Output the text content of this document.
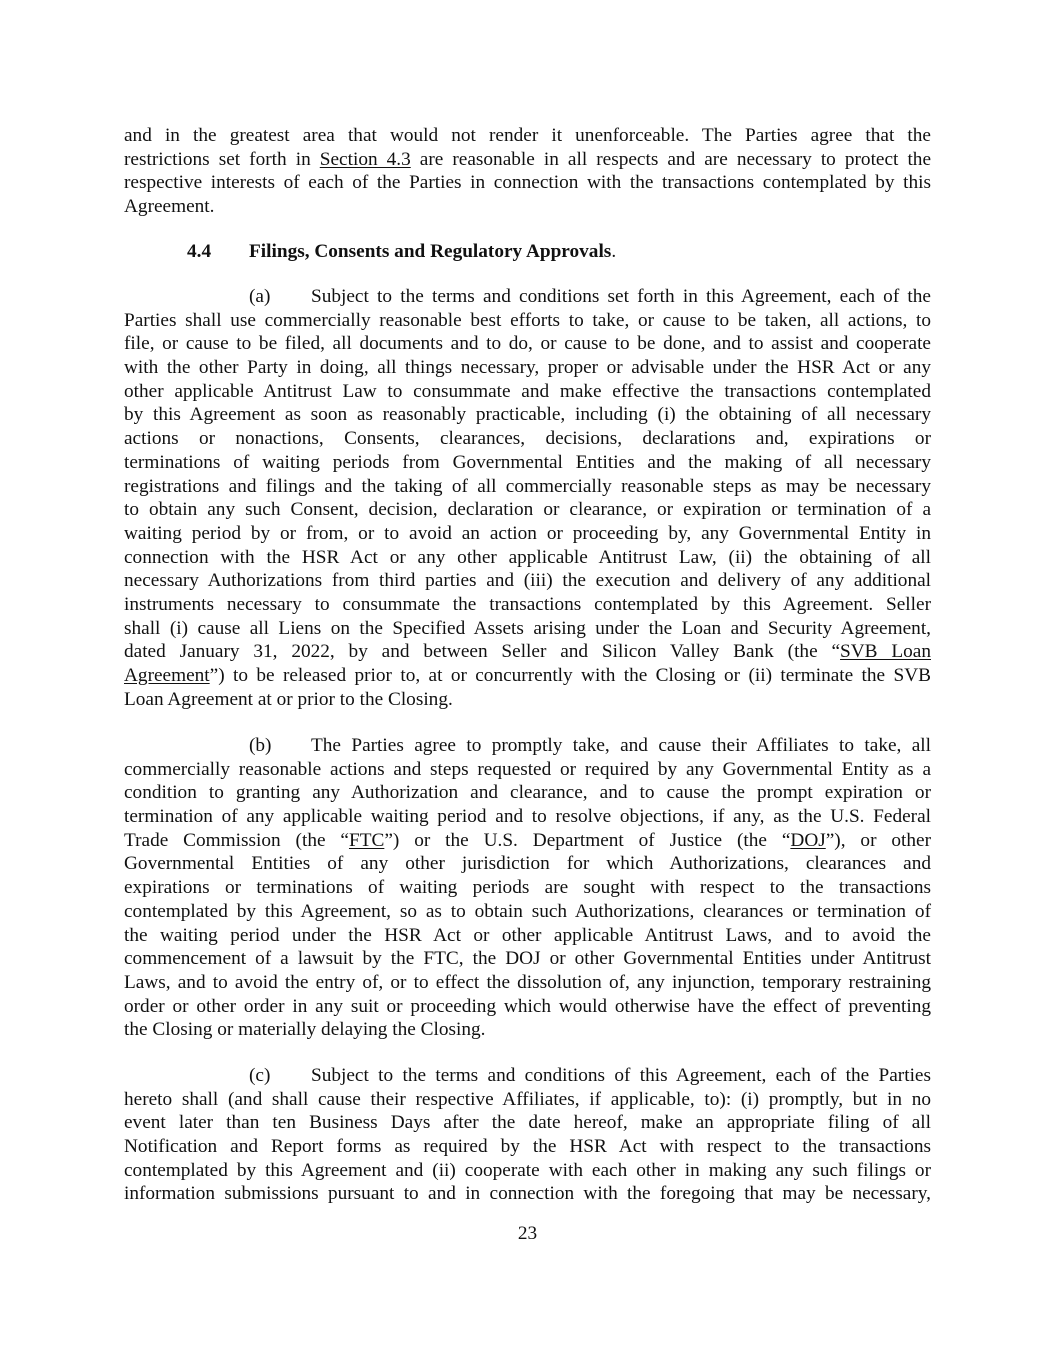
and in the greatest area that would not render it unenforceable. The Parties agree that the
restrictions set forth in Section 4.3 are reasonable in all respects and are necessary to protect the
respective interests of each of the Parties in connection with the transactions contemplated by this
Agreement.
4.4 Filings, Consents and Regulatory Approvals.
(a) Subject to the terms and conditions set forth in this Agreement, each of the
Parties shall use commercially reasonable best efforts to take, or cause to be taken, all actions, to
file, or cause to be filed, all documents and to do, or cause to be done, and to assist and cooperate
with the other Party in doing, all things necessary, proper or advisable under the HSR Act or any
other applicable Antitrust Law to consummate and make effective the transactions contemplated
by this Agreement as soon as reasonably practicable, including (i) the obtaining of all necessary
actions or nonactions, Consents, clearances, decisions, declarations and, expirations or
terminations of waiting periods from Governmental Entities and the making of all necessary
registrations and filings and the taking of all commercially reasonable steps as may be necessary
to obtain any such Consent, decision, declaration or clearance, or expiration or termination of a
waiting period by or from, or to avoid an action or proceeding by, any Governmental Entity in
connection with the HSR Act or any other applicable Antitrust Law, (ii) the obtaining of all
necessary Authorizations from third parties and (iii) the execution and delivery of any additional
instruments necessary to consummate the transactions contemplated by this Agreement. Seller
shall (i) cause all Liens on the Specified Assets arising under the Loan and Security Agreement,
dated January 31, 2022, by and between Seller and Silicon Valley Bank (the “SVB Loan
Agreement”) to be released prior to, at or concurrently with the Closing or (ii) terminate the SVB
Loan Agreement at or prior to the Closing.
(b) The Parties agree to promptly take, and cause their Affiliates to take, all
commercially reasonable actions and steps requested or required by any Governmental Entity as a
condition to granting any Authorization and clearance, and to cause the prompt expiration or
termination of any applicable waiting period and to resolve objections, if any, as the U.S. Federal
Trade Commission (the “FTC”) or the U.S. Department of Justice (the “DOJ”), or other
Governmental Entities of any other jurisdiction for which Authorizations, clearances and
expirations or terminations of waiting periods are sought with respect to the transactions
contemplated by this Agreement, so as to obtain such Authorizations, clearances or termination of
the waiting period under the HSR Act or other applicable Antitrust Laws, and to avoid the
commencement of a lawsuit by the FTC, the DOJ or other Governmental Entities under Antitrust
Laws, and to avoid the entry of, or to effect the dissolution of, any injunction, temporary restraining
order or other order in any suit or proceeding which would otherwise have the effect of preventing
the Closing or materially delaying the Closing.
(c) Subject to the terms and conditions of this Agreement, each of the Parties
hereto shall (and shall cause their respective Affiliates, if applicable, to): (i) promptly, but in no
event later than ten Business Days after the date hereof, make an appropriate filing of all
Notification and Report forms as required by the HSR Act with respect to the transactions
contemplated by this Agreement and (ii) cooperate with each other in making any such filings or
information submissions pursuant to and in connection with the foregoing that may be necessary,
23
